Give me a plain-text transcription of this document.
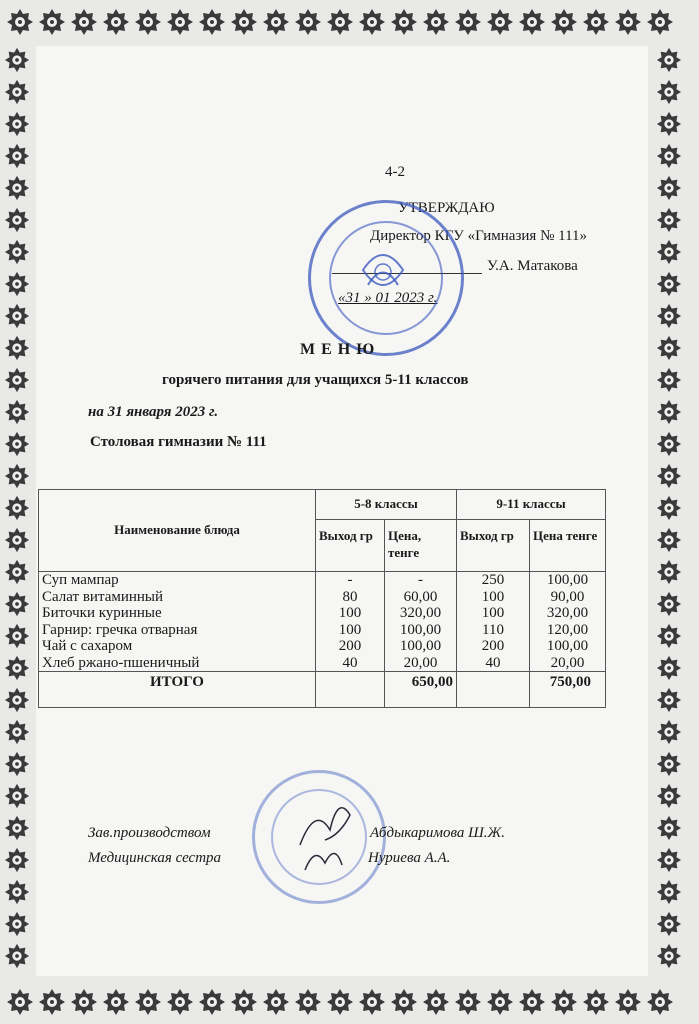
4-2
УТВЕРЖДАЮ
Директор КГУ «Гимназия № 111»
У.А. Матакова
«31 » 01 2023 г.
М Е Н Ю
горячего питания для учащихся 5-11 классов
на 31 января 2023 г.
Столовая гимназии № 111
Наименование блюда	5-8 классы		9-11 классы	
	Выход гр	Цена, тенге	Выход гр	Цена тенге
Суп мампар	-	-	250	100,00
Салат витаминный	80	60,00	100	90,00
Биточки куринные	100	320,00	100	320,00
Гарнир: гречка отварная	100	100,00	110	120,00
Чай с сахаром	200	100,00	200	100,00
Хлеб ржано-пшеничный	40	20,00	40	20,00
ИТОГО		650,00		750,00
Зав.производством	Абдыкаримова Ш.Ж.
Медицинская сестра	Нуриева А.А.
